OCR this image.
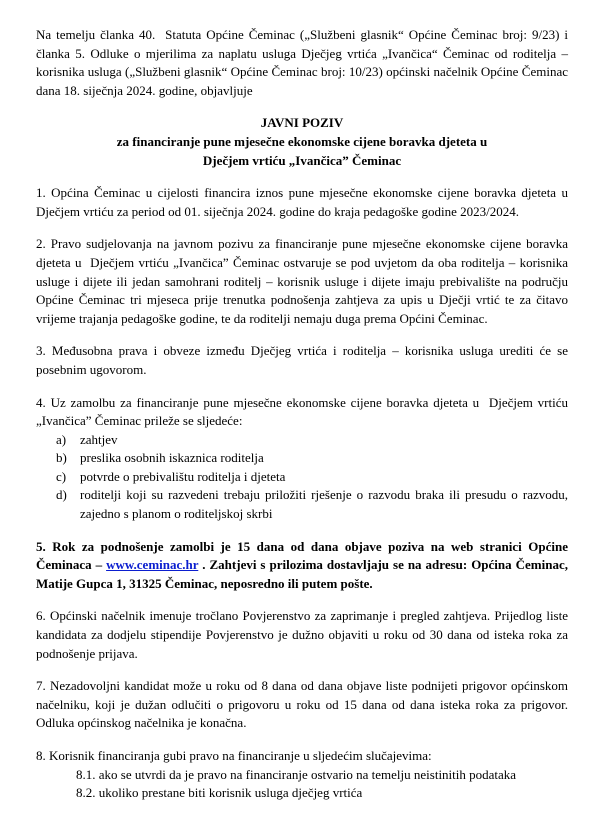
Na temelju članka 40.  Statuta Općine Čeminac („Službeni glasnik“ Općine Čeminac broj: 9/23) i članka 5. Odluke o mjerilima za naplatu usluga Dječjeg vrtića „Ivančica“ Čeminac od roditelja – korisnika usluga („Službeni glasnik“ Općine Čeminac broj: 10/23) općinski načelnik Općine Čeminac dana 18. siječnja 2024. godine, objavljuje

JAVNI POZIV
za financiranje pune mjesečne ekonomske cijene boravka djeteta u
Dječjem vrtiću „Ivančica” Čeminac

1. Općina Čeminac u cijelosti financira iznos pune mjesečne ekonomske cijene boravka djeteta u Dječjem vrtiću za period od 01. siječnja 2024. godine do kraja pedagoške godine 2023/2024.

2. Pravo sudjelovanja na javnom pozivu za financiranje pune mjesečne ekonomske cijene boravka djeteta u  Dječjem vrtiću „Ivančica” Čeminac ostvaruje se pod uvjetom da oba roditelja – korisnika usluge i dijete ili jedan samohrani roditelj – korisnik usluge i dijete imaju prebivalište na području Općine Čeminac tri mjeseca prije trenutka podnošenja zahtjeva za upis u Dječji vrtić te za čitavo vrijeme trajanja pedagoške godine, te da roditelji nemaju duga prema Općini Čeminac.

3. Međusobna prava i obveze između Dječjeg vrtića i roditelja – korisnika usluga urediti će se posebnim ugovorom.

4. Uz zamolbu za financiranje pune mjesečne ekonomske cijene boravka djeteta u  Dječjem vrtiću „Ivančica” Čeminac prileže se sljedeće:

a)	zahtjev
b)	preslika osobnih iskaznica roditelja
c)	potvrde o prebivalištu roditelja i djeteta
d)	roditelji koji su razvedeni trebaju priložiti rješenje o razvodu braka ili presudu o razvodu, zajedno s planom o roditeljskoj skrbi

5. Rok za podnošenje zamolbi je 15 dana od dana objave poziva na web stranici Općine Čeminaca – www.ceminac.hr . Zahtjevi s prilozima dostavljaju se na adresu: Općina Čeminac, Matije Gupca 1, 31325 Čeminac, neposredno ili putem pošte.

6. Općinski načelnik imenuje tročlano Povjerenstvo za zaprimanje i pregled zahtjeva. Prijedlog liste kandidata za dodjelu stipendije Povjerenstvo je dužno objaviti u roku od 30 dana od isteka roka za podnošenje prijava.

7. Nezadovoljni kandidat može u roku od 8 dana od dana objave liste podnijeti prigovor općinskom načelniku, koji je dužan odlučiti o prigovoru u roku od 15 dana od dana isteka roka za prigovor. Odluka općinskog načelnika je konačna.

8. Korisnik financiranja gubi pravo na financiranje u sljedećim slučajevima:

8.1. ako se utvrdi da je pravo na financiranje ostvario na temelju neistinitih podataka
8.2. ukoliko prestane biti korisnik usluga dječjeg vrtića
